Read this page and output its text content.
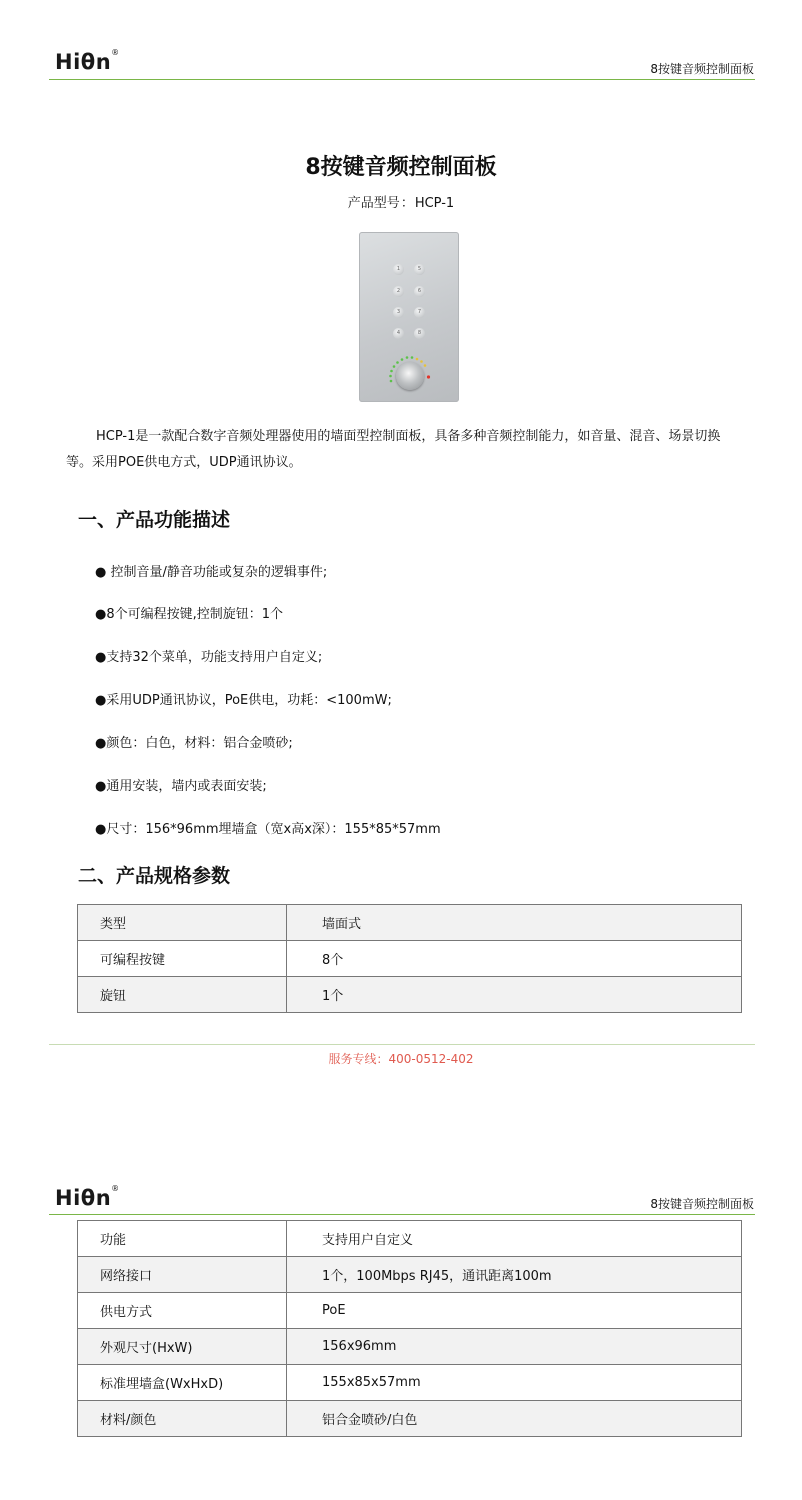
Hiθn®
8按键音频控制面板
8按键音频控制面板
产品型号：HCP-1
1	5
2	6
3	7
4	8
HCP-1是一款配合数字音频处理器使用的墙面型控制面板，具备多种音频控制能力，如音量、混音、场景切换等。采用POE供电方式，UDP通讯协议。
一、产品功能描述
● 控制音量/静音功能或复杂的逻辑事件;
●8个可编程按键,控制旋钮：1个
●支持32个菜单，功能支持用户自定义;
●采用UDP通讯协议，PoE供电，功耗：<100mW;
●颜色：白色，材料：铝合金喷砂;
●通用安装，墙内或表面安装;
●尺寸：156*96mm埋墙盒（宽x高x深）：155*85*57mm
二、产品规格参数
类型	墙面式
可编程按键	8个
旋钮	1个
服务专线：400-0512-402
Hiθn®
8按键音频控制面板
功能	支持用户自定义
网络接口	1个，100Mbps RJ45，通讯距离100m
供电方式	PoE
外观尺寸(HxW)	156x96mm
标准埋墙盒(WxHxD)	155x85x57mm
材料/颜色	铝合金喷砂/白色
